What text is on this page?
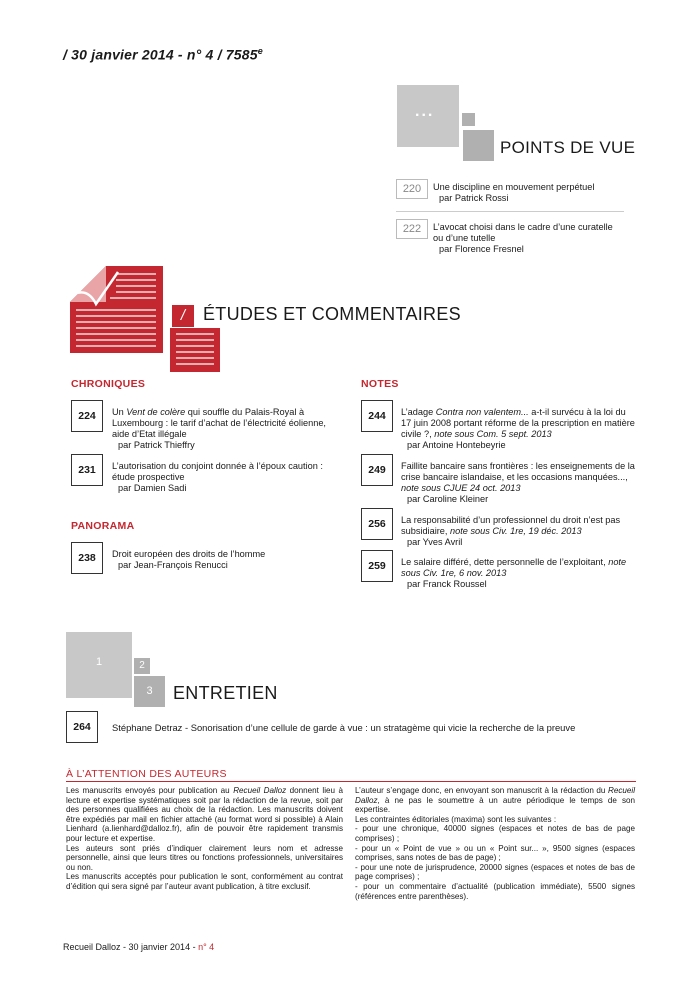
/ 30 janvier 2014 - n° 4 / 7585e
...
POINTS DE VUE
220	Une discipline en mouvement perpétuel
par Patrick Rossi
222	L’avocat choisi dans le cadre d’une curatelle ou d’une tutelle
par Florence Fresnel
/ ÉTUDES ET COMMENTAIRES
CHRONIQUES
224	Un Vent de colère qui souffle du Palais-Royal à Luxembourg : le tarif d’achat de l’électricité éolienne, aide d’Etat illégale
par Patrick Thieffry
231	L’autorisation du conjoint donnée à l’époux caution : étude prospective
par Damien Sadi
PANORAMA
238	Droit européen des droits de l’homme
par Jean-François Renucci
NOTES
244	L’adage Contra non valentem... a-t-il survécu à la loi du 17 juin 2008 portant réforme de la prescription en matière civile ?, note sous Com. 5 sept. 2013
par Antoine Hontebeyrie
249	Faillite bancaire sans frontières : les enseignements de la crise bancaire islandaise, et les occasions manquées..., note sous CJUE 24 oct. 2013
par Caroline Kleiner
256	La responsabilité d’un professionnel du droit n’est pas subsidiaire, note sous Civ. 1re, 19 déc. 2013
par Yves Avril
259	Le salaire différé, dette personnelle de l’exploitant, note sous Civ. 1re, 6 nov. 2013
par Franck Roussel
1	2
3	ENTRETIEN
264	Stéphane Detraz - Sonorisation d’une cellule de garde à vue : un stratagème qui vicie la recherche de la preuve
À L’ATTENTION DES AUTEURS
Les manuscrits envoyés pour publication au Recueil Dalloz donnent lieu à lecture et expertise systématiques soit par la rédaction de la revue, soit par des personnes qualifiées au choix de la rédaction. Les manuscrits doivent être expédiés par mail en fichier attaché (au format word si possible) à Alain Lienhard (a.lienhard@dalloz.fr), afin de pouvoir être rapidement transmis pour lecture et expertise.
Les auteurs sont priés d’indiquer clairement leurs nom et adresse personnelle, ainsi que leurs titres ou fonctions professionnels, universitaires ou non.
Les manuscrits acceptés pour publication le sont, conformément au contrat d’édition qui sera signé par l’auteur avant publication, à titre exclusif.
L’auteur s’engage donc, en envoyant son manuscrit à la rédaction du Recueil Dalloz, à ne pas le soumettre à un autre périodique le temps de son expertise.
Les contraintes éditoriales (maxima) sont les suivantes :
- pour une chronique, 40000 signes (espaces et notes de bas de page comprises) ;
- pour un « Point de vue » ou un « Point sur... », 9500 signes (espaces comprises, sans notes de bas de page) ;
- pour une note de jurisprudence, 20000 signes (espaces et notes de bas de page comprises) ;
- pour un commentaire d’actualité (publication immédiate), 5500 signes (références entre parenthèses).
Recueil Dalloz - 30 janvier 2014 - n° 4
